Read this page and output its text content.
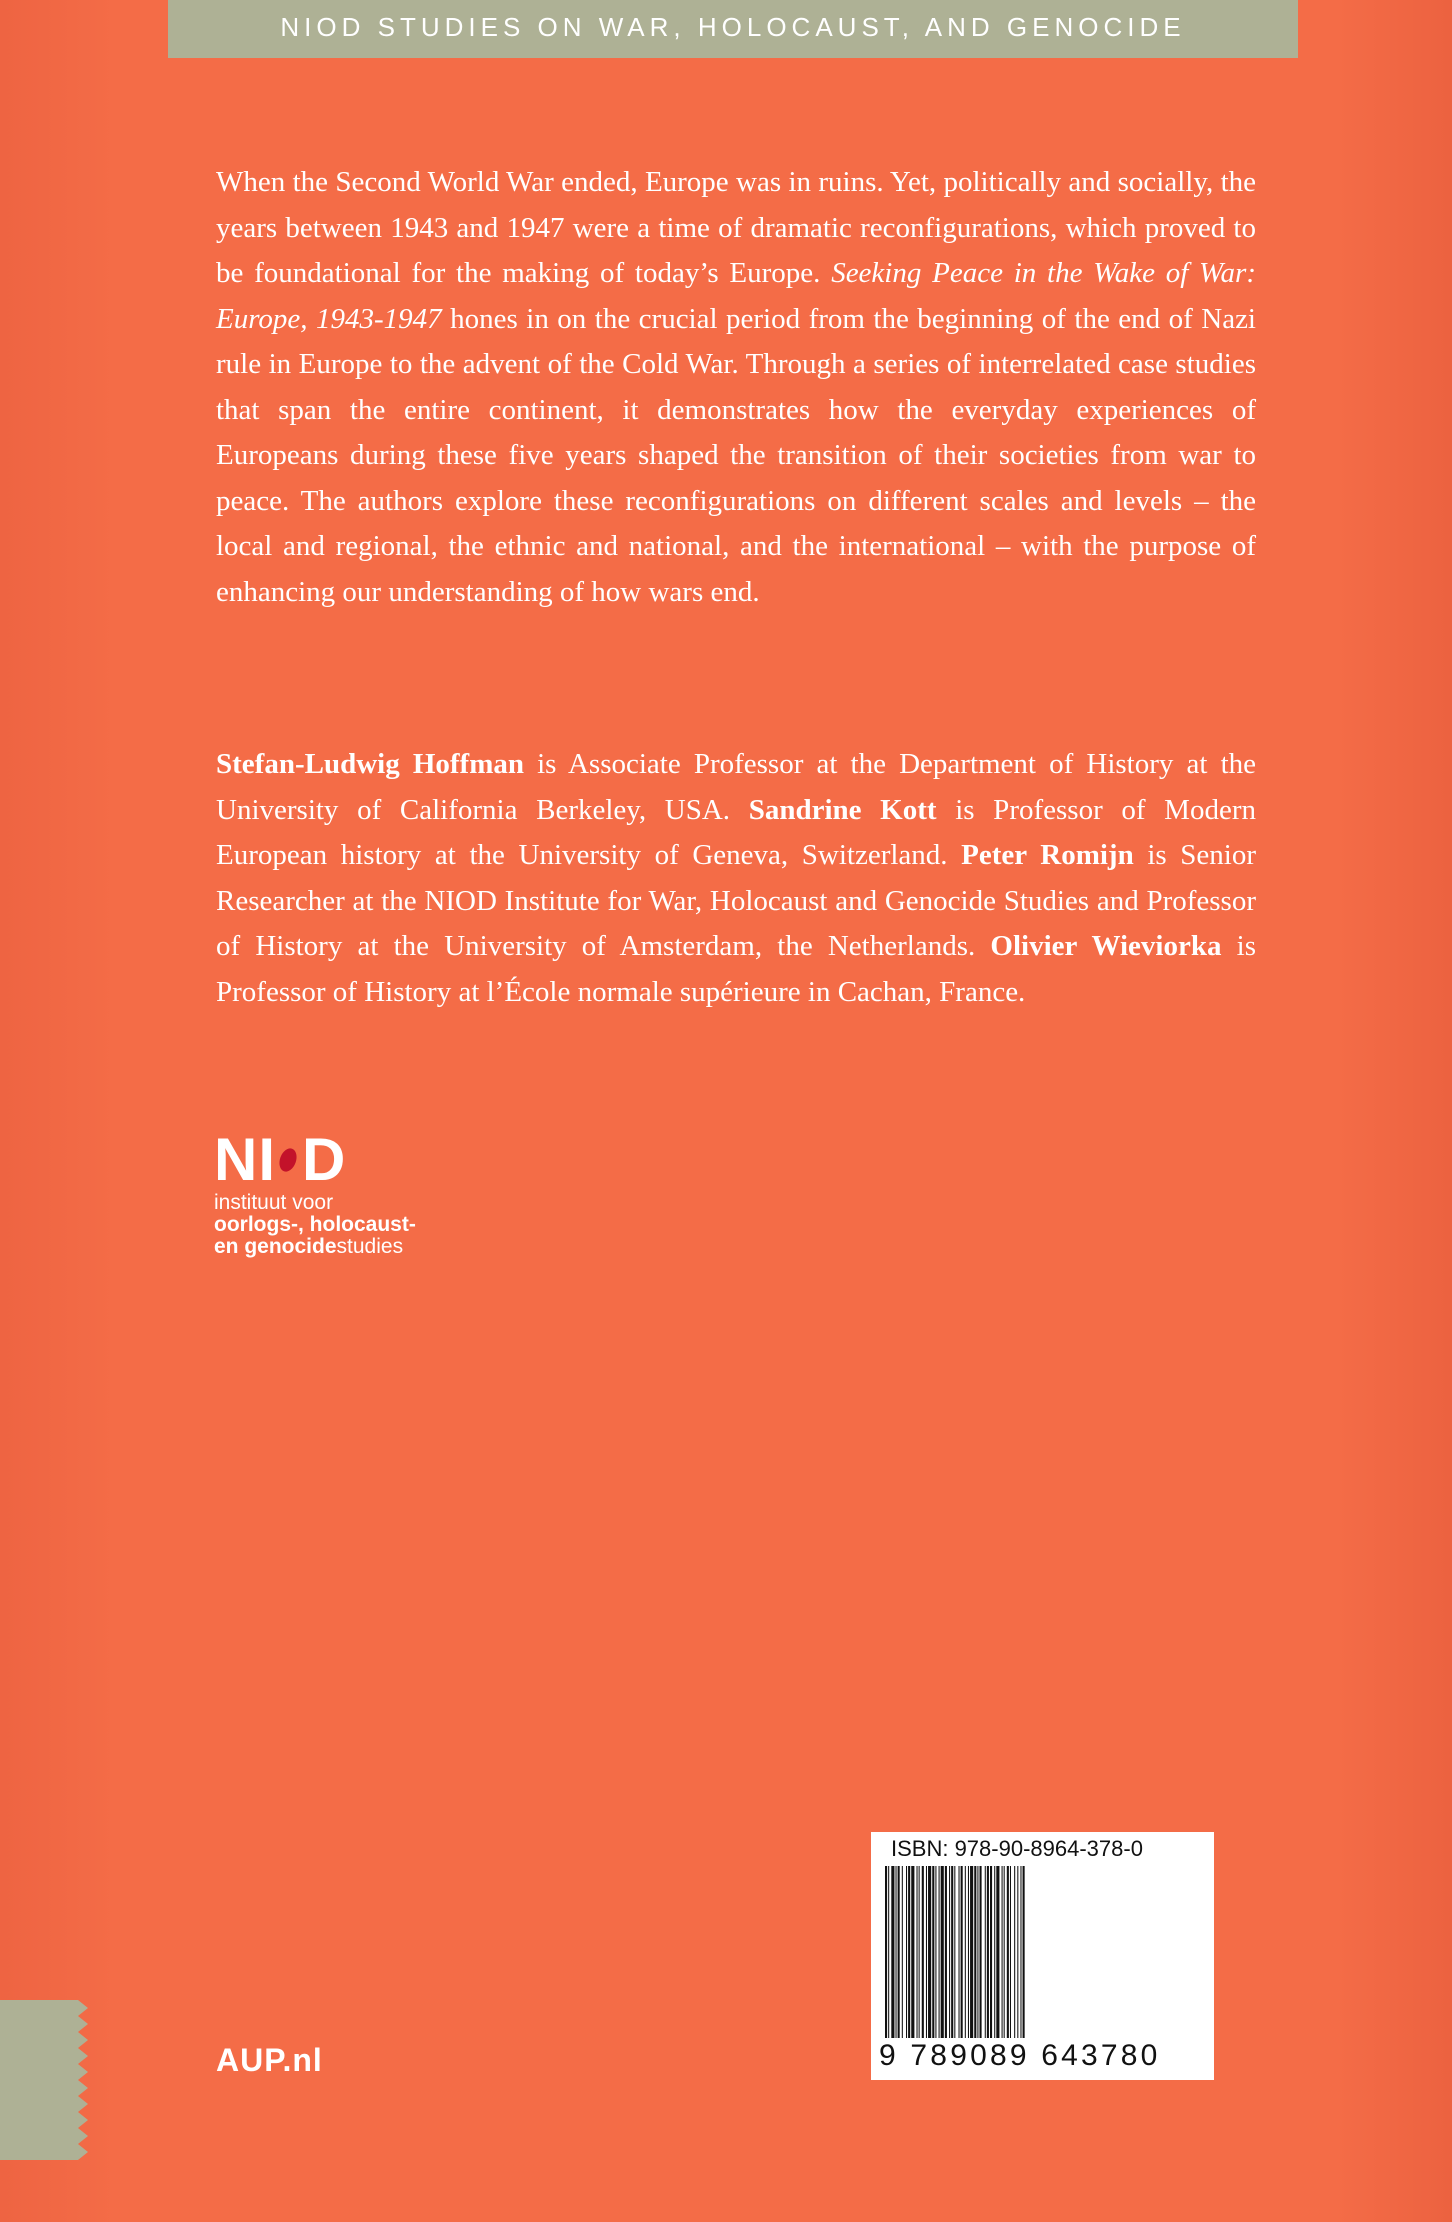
NIOD STUDIES ON WAR, HOLOCAUST, AND GENOCIDE

When the Second World War ended, Europe was in ruins. Yet, politically and socially, the years between 1943 and 1947 were a time of dramatic reconfigurations, which proved to be foundational for the making of today’s Europe. Seeking Peace in the Wake of War: Europe, 1943-1947 hones in on the crucial period from the beginning of the end of Nazi rule in Europe to the advent of the Cold War. Through a series of interrelated case studies that span the entire continent, it demonstrates how the everyday experiences of Europeans during these five years shaped the transition of their societies from war to peace. The authors explore these reconfigurations on different scales and levels – the local and regional, the ethnic and national, and the international – with the purpose of enhancing our understanding of how wars end.

Stefan-Ludwig Hoffman is Associate Professor at the Department of History at the University of California Berkeley, USA. Sandrine Kott is Professor of Modern European history at the University of Geneva, Switzerland. Peter Romijn is Senior Researcher at the NIOD Institute for War, Holocaust and Genocide Studies and Professor of History at the University of Amsterdam, the Netherlands. Olivier Wieviorka is Professor of History at l’École normale supérieure in Cachan, France.

NI D
instituut voor
oorlogs-, holocaust-
en genocidestudies
ISBN: 978-90-8964-378-0
9 789089 643780
AUP.nl
